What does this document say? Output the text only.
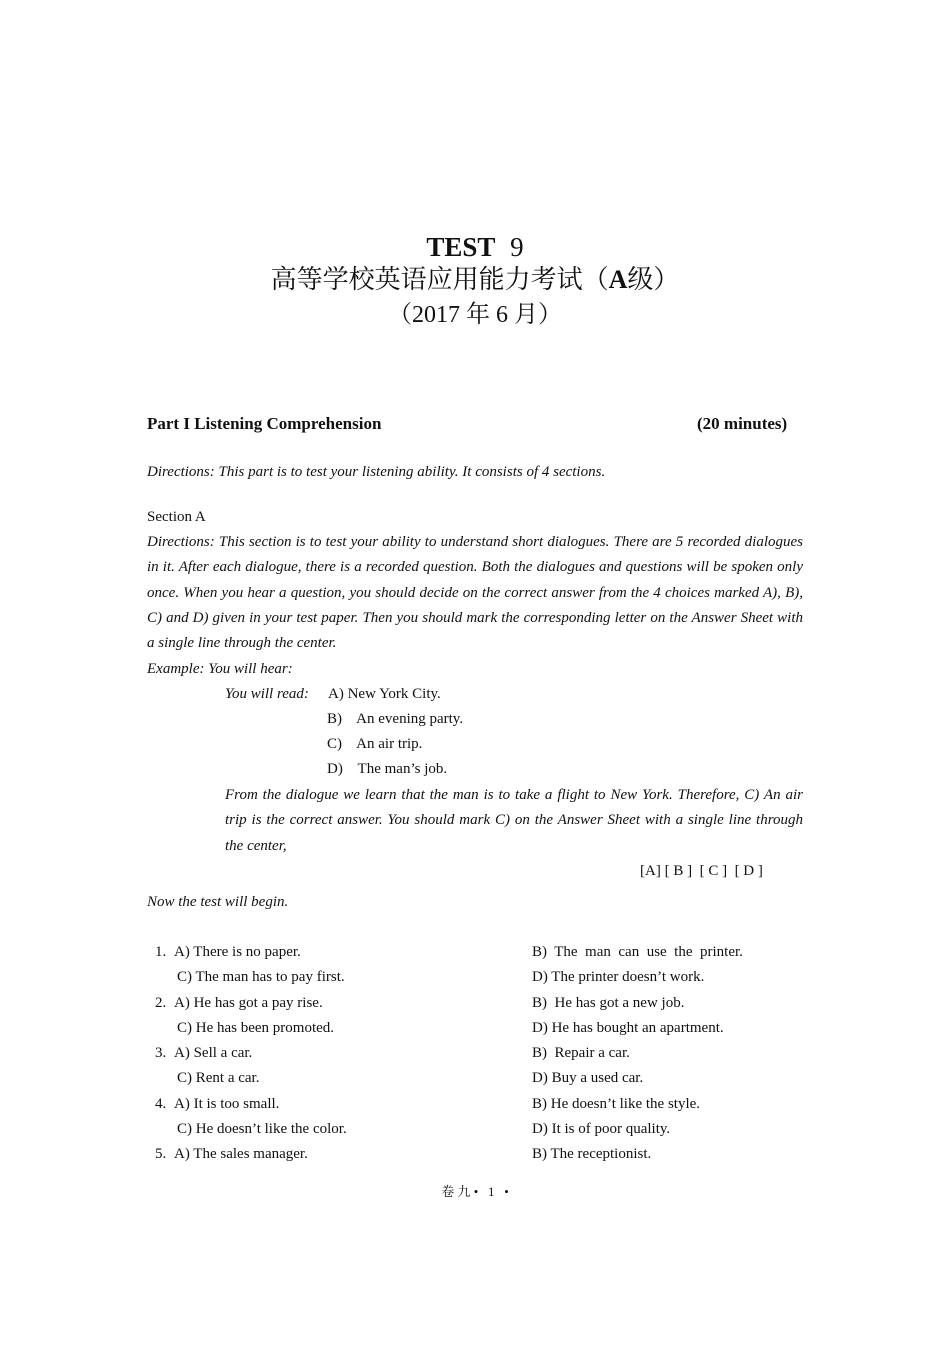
TEST 9
高等学校英语应用能力考试（A级）
（2017 年 6 月）
Part I Listening Comprehension	(20 minutes)
Directions: This part is to test your listening ability. It consists of 4 sections.
Section A
Directions: This section is to test your ability to understand short dialogues. There are 5 recorded dialogues in it. After each dialogue, there is a recorded question. Both the dialogues and questions will be spoken only once. When you hear a question, you should decide on the correct answer from the 4 choices marked A), B), C) and D) given in your test paper. Then you should mark the corresponding letter on the Answer Sheet with a single line through the center.
Example: You will hear:
You will read: A) New York City.
B)    An evening party.
C)    An air trip.
D)    The man’s job.
From the dialogue we learn that the man is to take a flight to New York. Therefore, C) An air trip is the correct answer. You should mark C) on the Answer Sheet with a single line through the center,
[A] [ B ]  [ C ]  [ D ]
Now the test will begin.
1. A) There is no paper.	B)  The  man  can  use  the  printer.
C) The man has to pay first.	D) The printer doesn’t work.
2. A) He has got a pay rise.	B)  He has got a new job.
C) He has been promoted.	D) He has bought an apartment.
3. A) Sell a car.	B)  Repair a car.
C) Rent a car.	D) Buy a used car.
4. A) It is too small.	B) He doesn’t like the style.
C) He doesn’t like the color.	D) It is of poor quality.
5. A) The sales manager.	B) The receptionist.
卷 九 •   1   •
